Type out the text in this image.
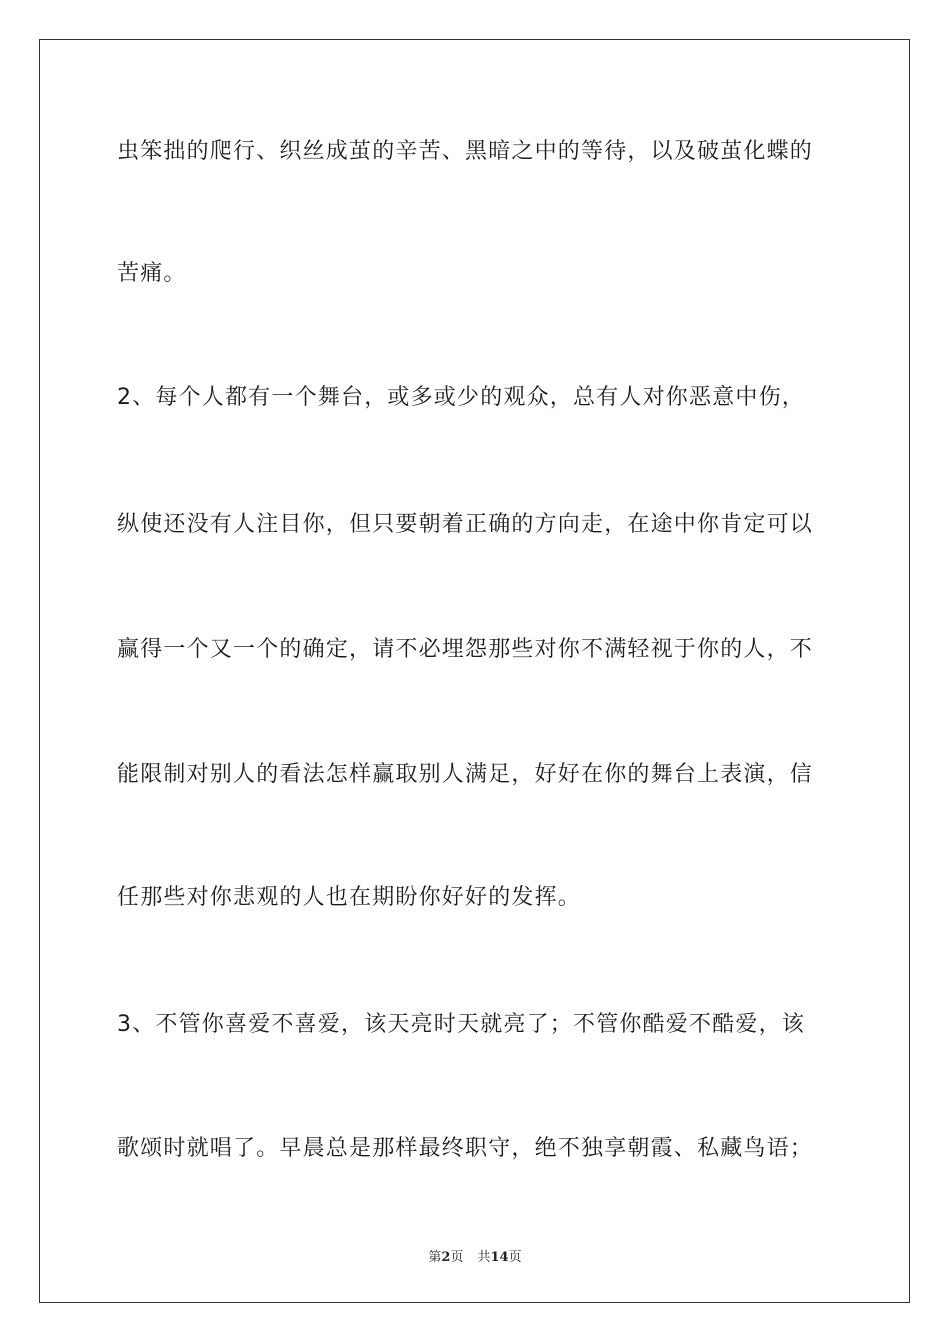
虫笨拙的爬行、织丝成茧的辛苦、黑暗之中的等待，以及破茧化蝶的
苦痛。
2、每个人都有一个舞台，或多或少的观众，总有人对你恶意中伤，
纵使还没有人注目你，但只要朝着正确的方向走，在途中你肯定可以
赢得一个又一个的确定，请不必埋怨那些对你不满轻视于你的人，不
能限制对别人的看法怎样赢取别人满足，好好在你的舞台上表演，信
任那些对你悲观的人也在期盼你好好的发挥。
3、不管你喜爱不喜爱，该天亮时天就亮了；不管你酷爱不酷爱，该
歌颂时就唱了。早晨总是那样最终职守，绝不独享朝霞、私藏鸟语；
第2页 共14页
